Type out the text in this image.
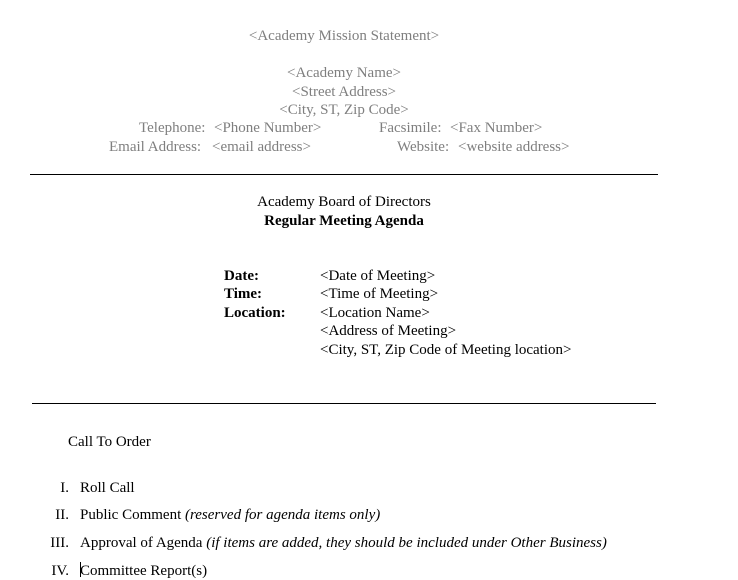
<Academy Mission Statement>
<Academy Name>
<Street Address>
<City, ST, Zip Code>
Telephone: <Phone Number>	Facsimile: <Fax Number>
Email Address: <email address>	Website: <website address>
Academy Board of Directors
Regular Meeting Agenda
Date:	<Date of Meeting>
Time:	<Time of Meeting>
Location: <Location Name>
<Address of Meeting>
<City, ST, Zip Code of Meeting location>
Call To Order
I. Roll Call
II. Public Comment (reserved for agenda items only)
III. Approval of Agenda (if items are added, they should be included under Other Business)
IV. Committee Report(s)
